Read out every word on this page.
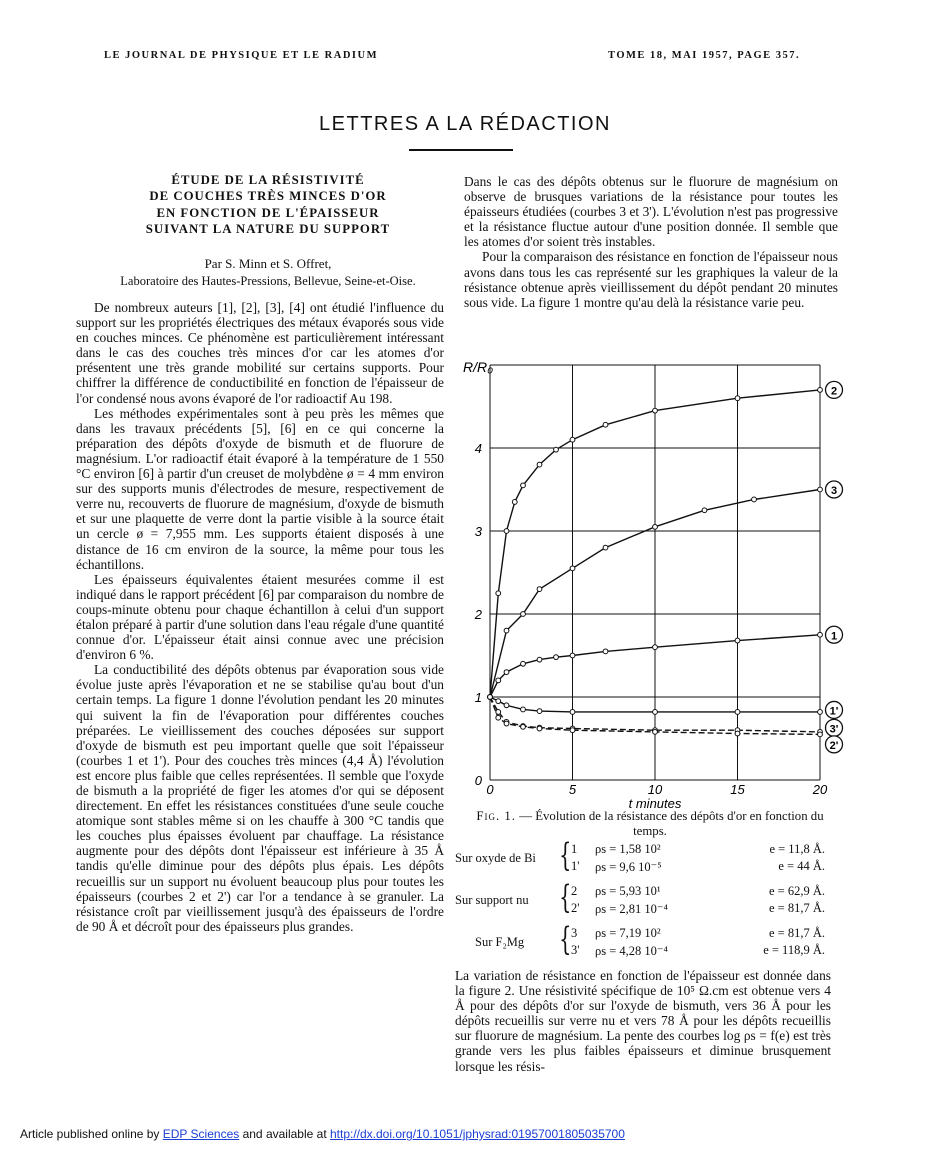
LE JOURNAL DE PHYSIQUE ET LE RADIUM	TOME 18, MAI 1957, PAGE 357.
LETTRES A LA RÉDACTION
ÉTUDE DE LA RÉSISTIVITÉ
DE COUCHES TRÈS MINCES D'OR
EN FONCTION DE L'ÉPAISSEUR
SUIVANT LA NATURE DU SUPPORT
Par S. Minn et S. Offret,
Laboratoire des Hautes-Pressions, Bellevue, Seine-et-Oise.

De nombreux auteurs [1], [2], [3], [4] ont étudié l'influence du support sur les propriétés électriques des métaux évaporés sous vide en couches minces. Ce phénomène est particulièrement intéressant dans le cas des couches très minces d'or car les atomes d'or présentent une très grande mobilité sur certains supports. Pour chiffrer la différence de conductibilité en fonction de l'épaisseur de l'or condensé nous avons évaporé de l'or radioactif Au 198.

Les méthodes expérimentales sont à peu près les mêmes que dans les travaux précédents [5], [6] en ce qui concerne la préparation des dépôts d'oxyde de bismuth et de fluorure de magnésium. L'or radioactif était évaporé à la température de 1 550 °C environ [6] à partir d'un creuset de molybdène ø = 4 mm environ sur des supports munis d'électrodes de mesure, respectivement de verre nu, recouverts de fluorure de magnésium, d'oxyde de bismuth et sur une plaquette de verre dont la partie visible à la source était un cercle ø = 7,955 mm. Les supports étaient disposés à une distance de 16 cm environ de la source, la même pour tous les échantillons.

Les épaisseurs équivalentes étaient mesurées comme il est indiqué dans le rapport précédent [6] par comparaison du nombre de coups-minute obtenu pour chaque échantillon à celui d'un support étalon préparé à partir d'une solution dans l'eau régale d'une quantité connue d'or. L'épaisseur était ainsi connue avec une précision d'environ 6 %.

La conductibilité des dépôts obtenus par évaporation sous vide évolue juste après l'évaporation et ne se stabilise qu'au bout d'un certain temps. La figure 1 donne l'évolution pendant les 20 minutes qui suivent la fin de l'évaporation pour différentes couches préparées. Le vieillissement des couches déposées sur support d'oxyde de bismuth est peu important quelle que soit l'épaisseur (courbes 1 et 1'). Pour des couches très minces (4,4 Å) l'évolution est encore plus faible que celles représentées. Il semble que l'oxyde de bismuth a la propriété de figer les atomes d'or qui se déposent directement. En effet les résistances constituées d'une seule couche atomique sont stables même si on les chauffe à 300 °C tandis que les couches plus épaisses évoluent par chauffage. La résistance augmente pour des dépôts dont l'épaisseur est inférieure à 35 Å tandis qu'elle diminue pour des dépôts plus épais. Les dépôts recueillis sur un support nu évoluent beaucoup plus pour toutes les épaisseurs (courbes 2 et 2') car l'or a tendance à se granuler. La résistance croît par vieillissement jusqu'à des épaisseurs de l'ordre de 90 Å et décroît pour des épaisseurs plus grandes.

Dans le cas des dépôts obtenus sur le fluorure de magnésium on observe de brusques variations de la résistance pour toutes les épaisseurs étudiées (courbes 3 et 3'). L'évolution n'est pas progressive et la résistance fluctue autour d'une position donnée. Il semble que les atomes d'or soient très instables.

Pour la comparaison des résistance en fonction de l'épaisseur nous avons dans tous les cas représenté sur les graphiques la valeur de la résistance obtenue après vieillissement du dépôt pendant 20 minutes sous vide. La figure 1 montre qu'au delà la résistance varie peu.

0	5	10	15	20
0
1
2
3
4
R/R₀
t minutes
2
3
1
1'
3'
2'
Fig. 1. — Évolution de la résistance des dépôts d'or en fonction du temps.
Sur oxyde de Bi { 1 ρs = 1,58 10²	e = 11,8 Å.
1' ρs = 9,6 10⁻⁵	e = 44 Å.
Sur support nu { 2 ρs = 5,93 10¹	e = 62,9 Å.
2' ρs = 2,81 10⁻⁴	e = 81,7 Å.
Sur F₂Mg { 3 ρs = 7,19 10²	e = 81,7 Å.
3' ρs = 4,28 10⁻⁴	e = 118,9 Å.

La variation de résistance en fonction de l'épaisseur est donnée dans la figure 2. Une résistivité spécifique de 10⁵ Ω.cm est obtenue vers 4 Å pour des dépôts d'or sur l'oxyde de bismuth, vers 36 Å pour les dépôts recueillis sur verre nu et vers 78 Å pour les dépôts recueillis sur fluorure de magnésium. La pente des courbes log ρs = f(e) est très grande vers les plus faibles épaisseurs et diminue brusquement lorsque les résis-

Article published online by EDP Sciences and available at http://dx.doi.org/10.1051/jphysrad:01957001805035700
